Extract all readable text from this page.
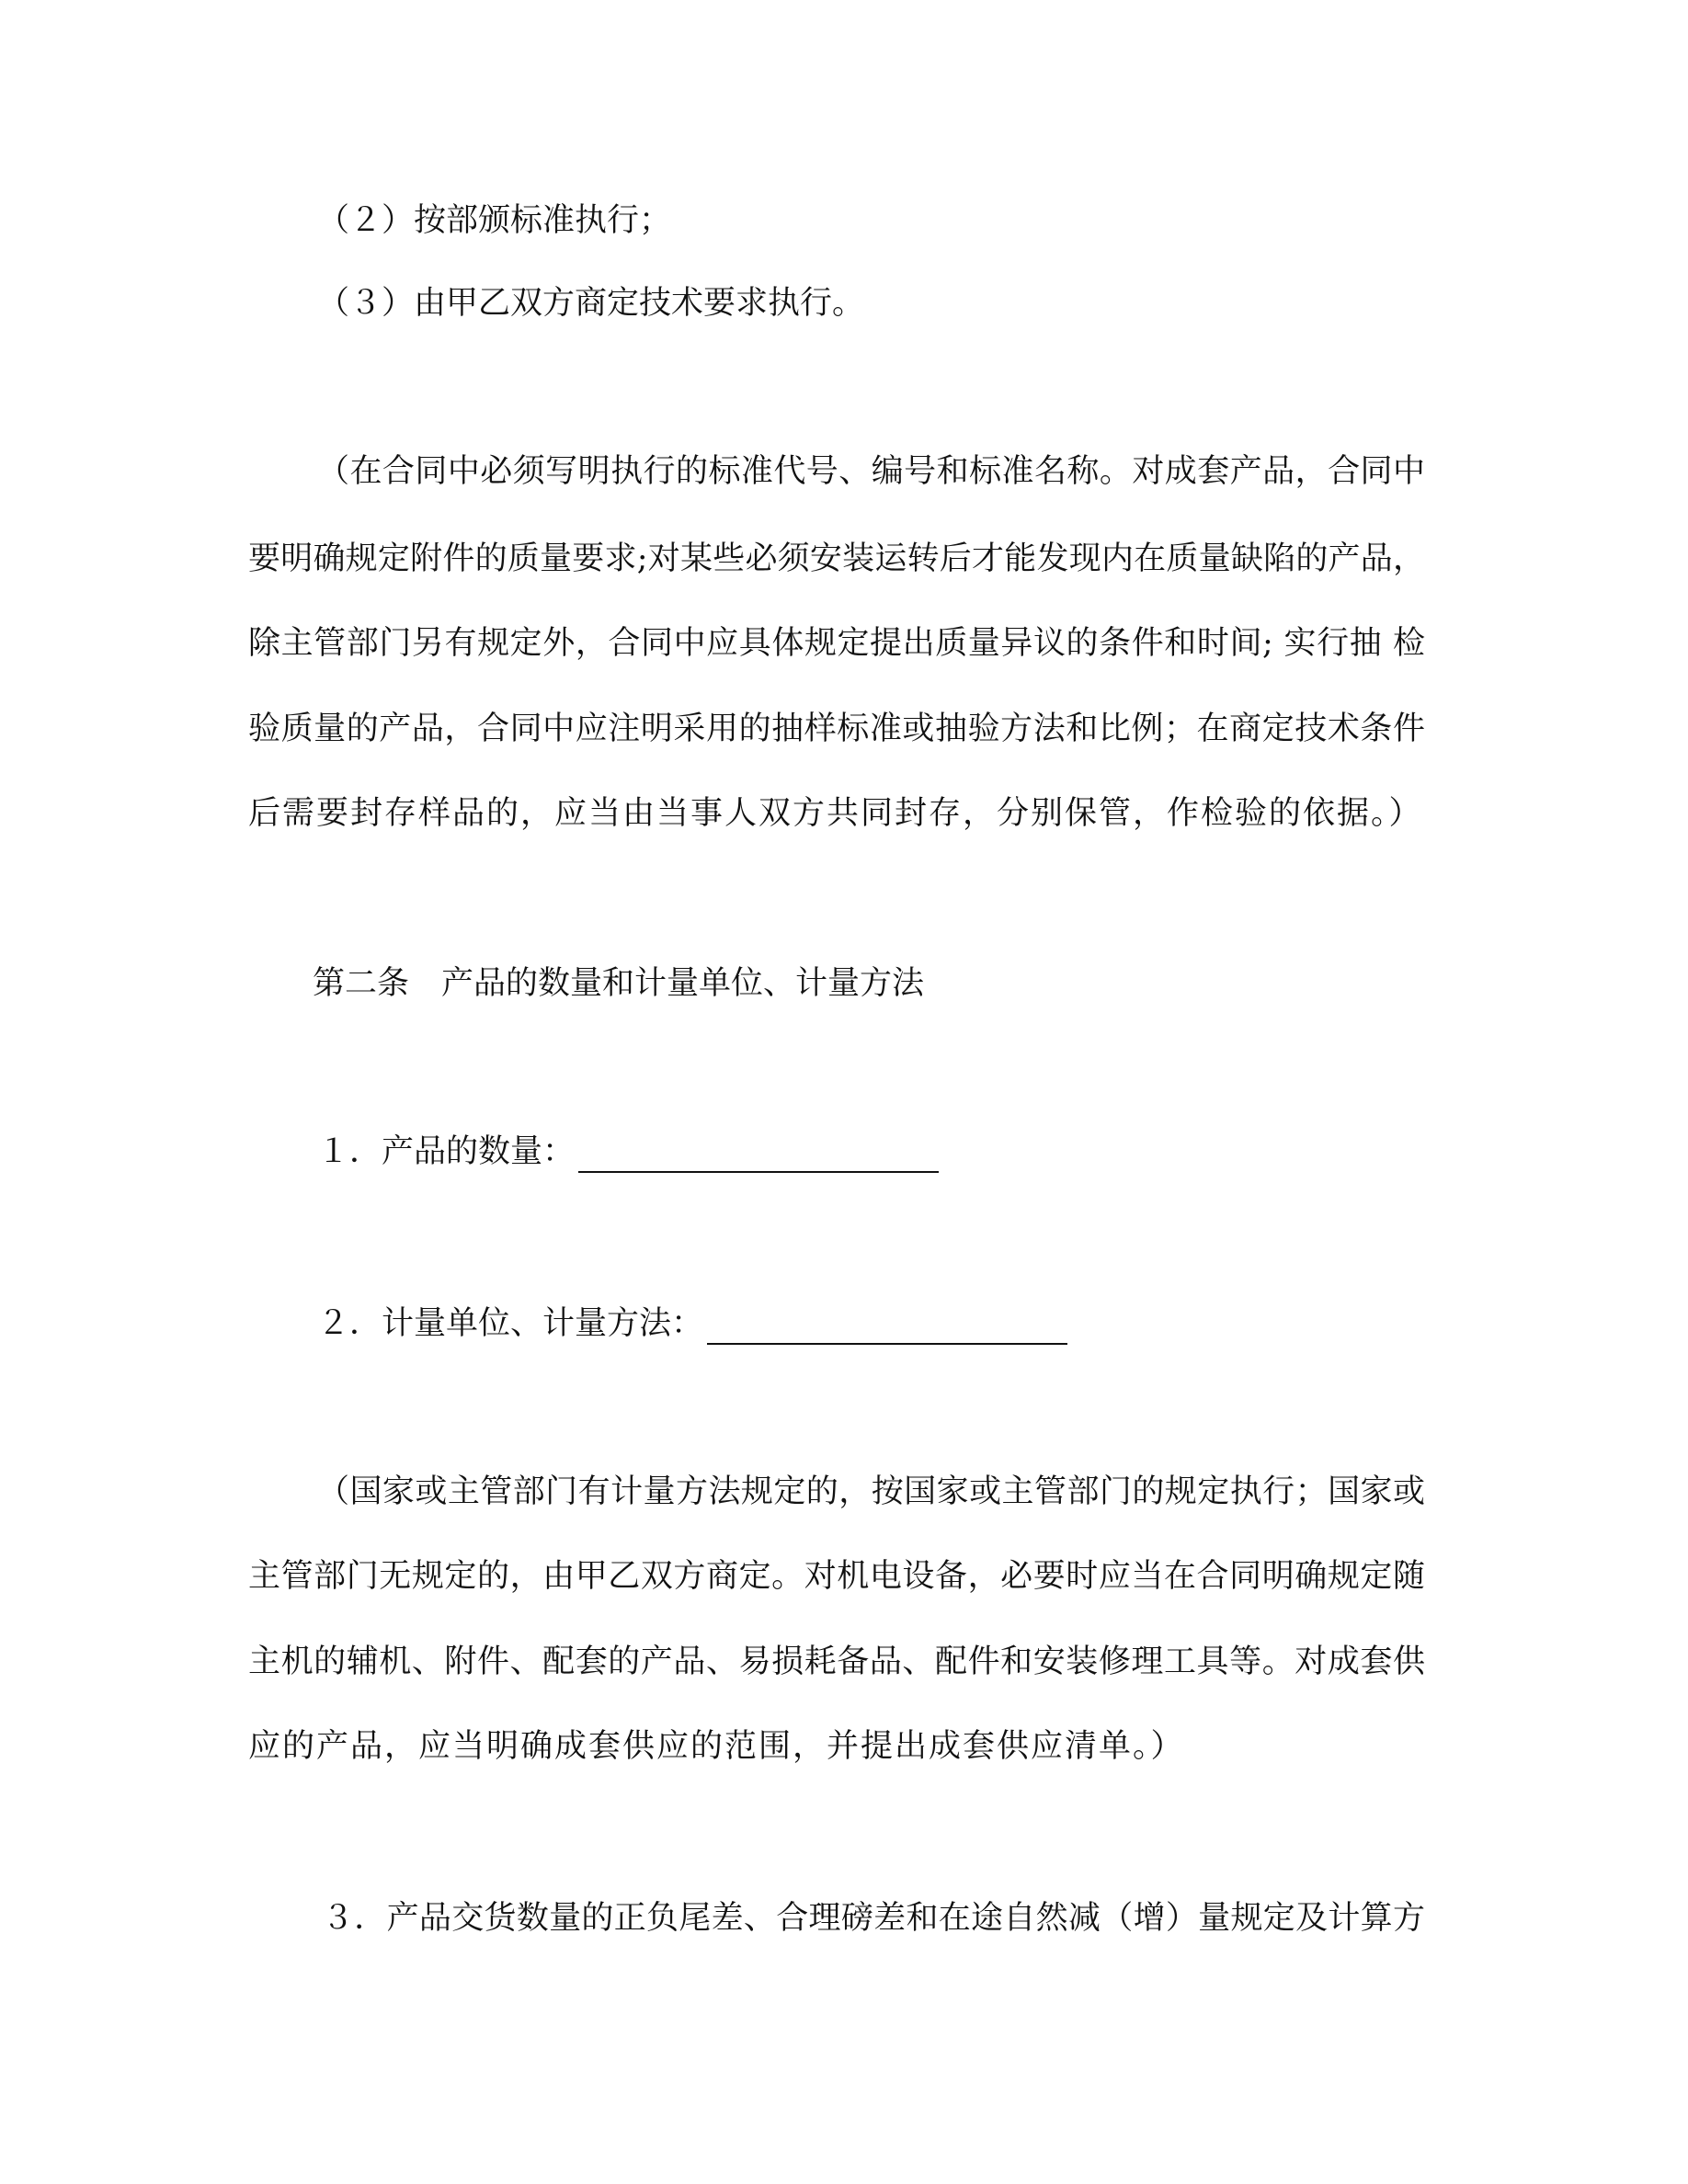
（２）按部颁标准执行；
（３）由甲乙双方商定技术要求执行。
（在合同中必须写明执行的标准代号、编号和标准名称。对成套产品，合同中
要明确规定附件的质量要求;对某些必须安装运转后才能发现内在质量缺陷的产品，
除主管部门另有规定外，合同中应具体规定提出质量异议的条件和时间; 实行抽 检
验质量的产品，合同中应注明采用的抽样标准或抽验方法和比例；在商定技术条件
后需要封存样品的，应当由当事人双方共同封存，分别保管，作检验的依据。）
第二条　产品的数量和计量单位、计量方法
１．产品的数量：
２．计量单位、计量方法：
（国家或主管部门有计量方法规定的，按国家或主管部门的规定执行；国家或
主管部门无规定的，由甲乙双方商定。对机电设备，必要时应当在合同明确规定随
主机的辅机、附件、配套的产品、易损耗备品、配件和安装修理工具等。对成套供
应的产品，应当明确成套供应的范围，并提出成套供应清单。）
３．产品交货数量的正负尾差、合理磅差和在途自然减（增）量规定及计算方
